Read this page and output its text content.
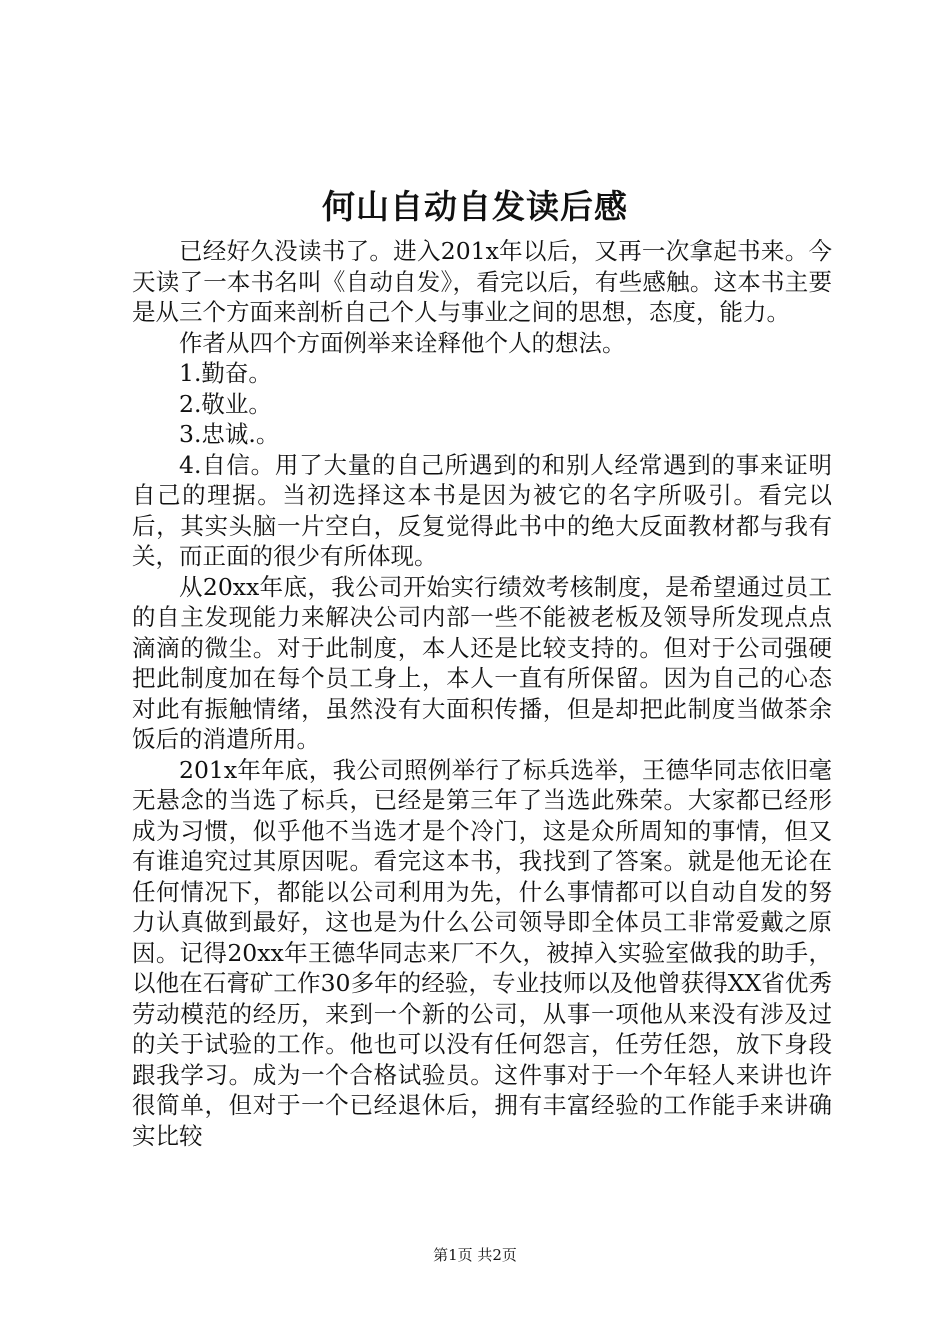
何山自动自发读后感

已经好久没读书了。进入201x年以后，又再一次拿起书来。今天读了一本书名叫《自动自发》，看完以后，有些感触。这本书主要是从三个方面来剖析自己个人与事业之间的思想，态度，能力。

作者从四个方面例举来诠释他个人的想法。

1.勤奋。

2.敬业。

3.忠诚.。

4.自信。用了大量的自己所遇到的和别人经常遇到的事来证明自己的理据。当初选择这本书是因为被它的名字所吸引。看完以后，其实头脑一片空白，反复觉得此书中的绝大反面教材都与我有关，而正面的很少有所体现。

从20xx年底，我公司开始实行绩效考核制度，是希望通过员工的自主发现能力来解决公司内部一些不能被老板及领导所发现点点滴滴的微尘。对于此制度，本人还是比较支持的。但对于公司强硬把此制度加在每个员工身上，本人一直有所保留。因为自己的心态对此有振触情绪，虽然没有大面积传播，但是却把此制度当做茶余饭后的消遣所用。

201x年年底，我公司照例举行了标兵选举，王德华同志依旧毫无悬念的当选了标兵，已经是第三年了当选此殊荣。大家都已经形成为习惯，似乎他不当选才是个冷门，这是众所周知的事情，但又有谁追究过其原因呢。看完这本书，我找到了答案。就是他无论在任何情况下，都能以公司利用为先，什么事情都可以自动自发的努力认真做到最好，这也是为什么公司领导即全体员工非常爱戴之原因。记得20xx年王德华同志来厂不久，被掉入实验室做我的助手，以他在石膏矿工作30多年的经验，专业技师以及他曾获得XX省优秀劳动模范的经历，来到一个新的公司，从事一项他从来没有涉及过的关于试验的工作。他也可以没有任何怨言，任劳任怨，放下身段跟我学习。成为一个合格试验员。这件事对于一个年轻人来讲也许很简单，但对于一个已经退休后，拥有丰富经验的工作能手来讲确实比较

第1页 共2页
